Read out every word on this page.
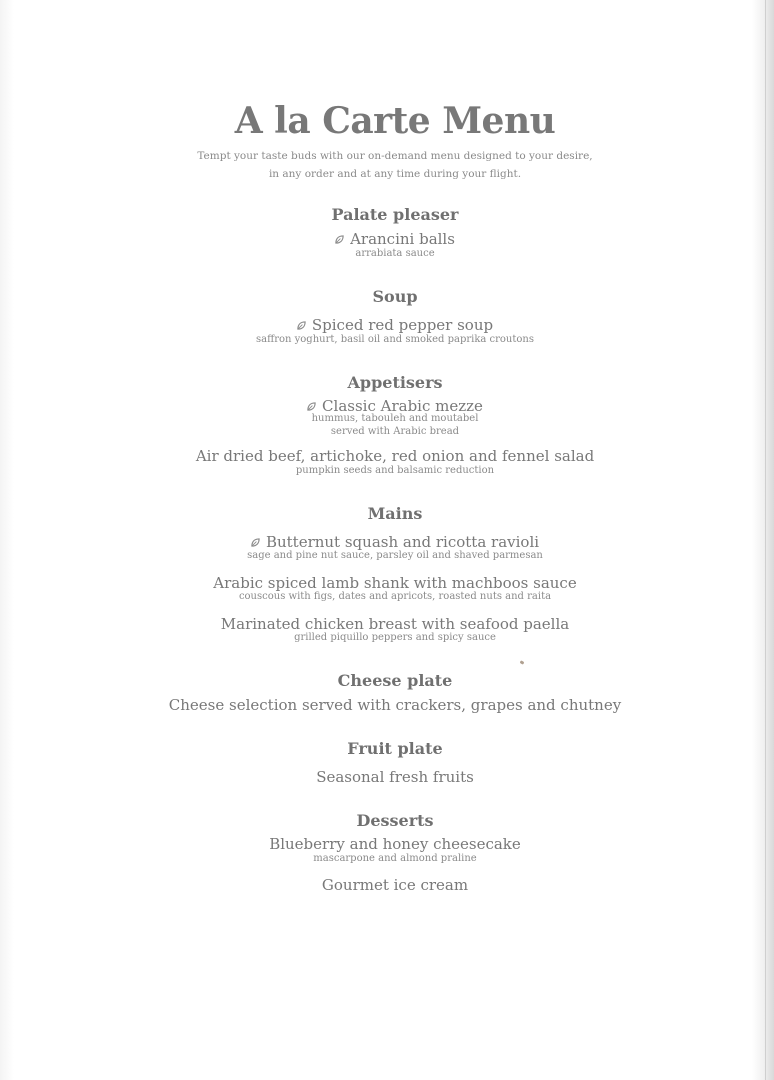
A la Carte Menu
Tempt your taste buds with our on-demand menu designed to your desire,
in any order and at any time during your flight.
Palate pleaser
Arancini balls
arrabiata sauce
Soup
Spiced red pepper soup
saffron yoghurt, basil oil and smoked paprika croutons
Appetisers
Classic Arabic mezze
hummus, tabouleh and moutabel
served with Arabic bread
Air dried beef, artichoke, red onion and fennel salad
pumpkin seeds and balsamic reduction
Mains
Butternut squash and ricotta ravioli
sage and pine nut sauce, parsley oil and shaved parmesan
Arabic spiced lamb shank with machboos sauce
couscous with figs, dates and apricots, roasted nuts and raita
Marinated chicken breast with seafood paella
grilled piquillo peppers and spicy sauce
Cheese plate
Cheese selection served with crackers, grapes and chutney
Fruit plate
Seasonal fresh fruits
Desserts
Blueberry and honey cheesecake
mascarpone and almond praline
Gourmet ice cream
